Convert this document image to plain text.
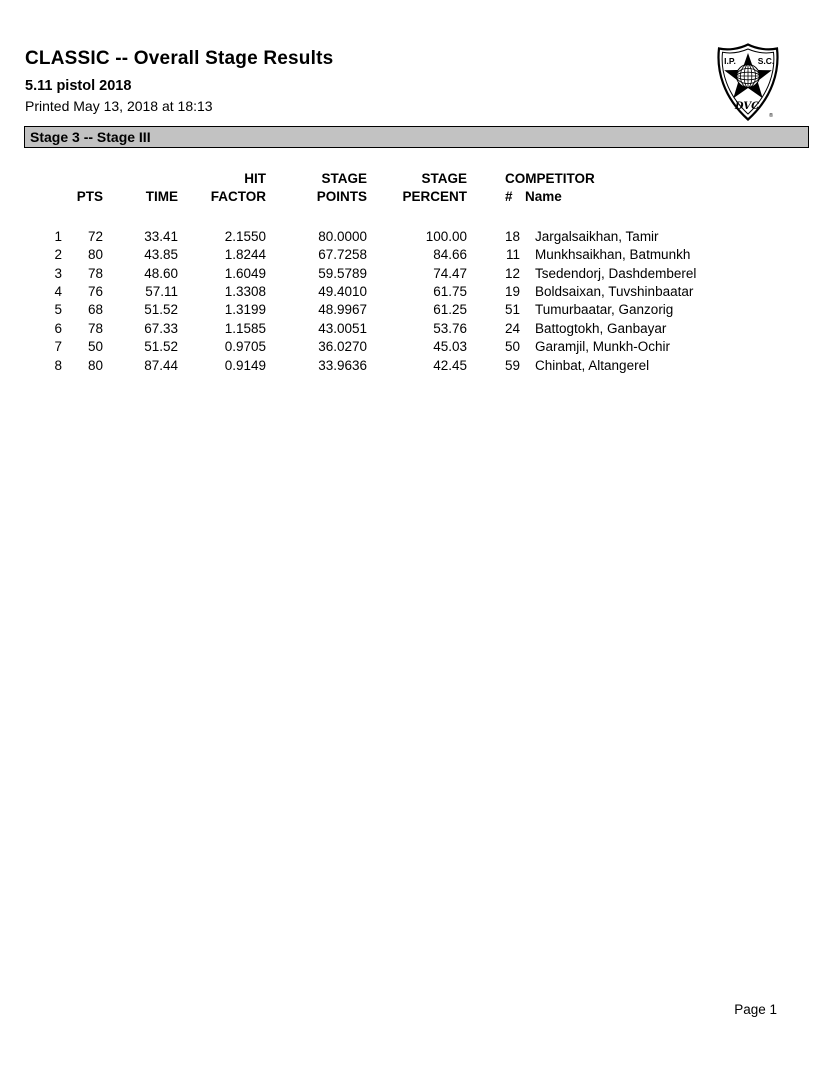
CLASSIC -- Overall Stage Results
5.11 pistol 2018
Printed May 13, 2018 at 18:13
I.P.	S.C.
DVC
®
Stage 3 -- Stage III
			HIT	STAGE	STAGE	COMPETITOR	
	PTS	TIME	FACTOR	POINTS	PERCENT	#	Name

1	72	33.41	2.1550	80.0000	100.00	18	Jargalsaikhan, Tamir
2	80	43.85	1.8244	67.7258	84.66	11	Munkhsaikhan, Batmunkh
3	78	48.60	1.6049	59.5789	74.47	12	Tsedendorj, Dashdemberel
4	76	57.11	1.3308	49.4010	61.75	19	Boldsaixan, Tuvshinbaatar
5	68	51.52	1.3199	48.9967	61.25	51	Tumurbaatar, Ganzorig
6	78	67.33	1.1585	43.0051	53.76	24	Battogtokh, Ganbayar
7	50	51.52	0.9705	36.0270	45.03	50	Garamjil, Munkh-Ochir
8	80	87.44	0.9149	33.9636	42.45	59	Chinbat, Altangerel
Page 1
